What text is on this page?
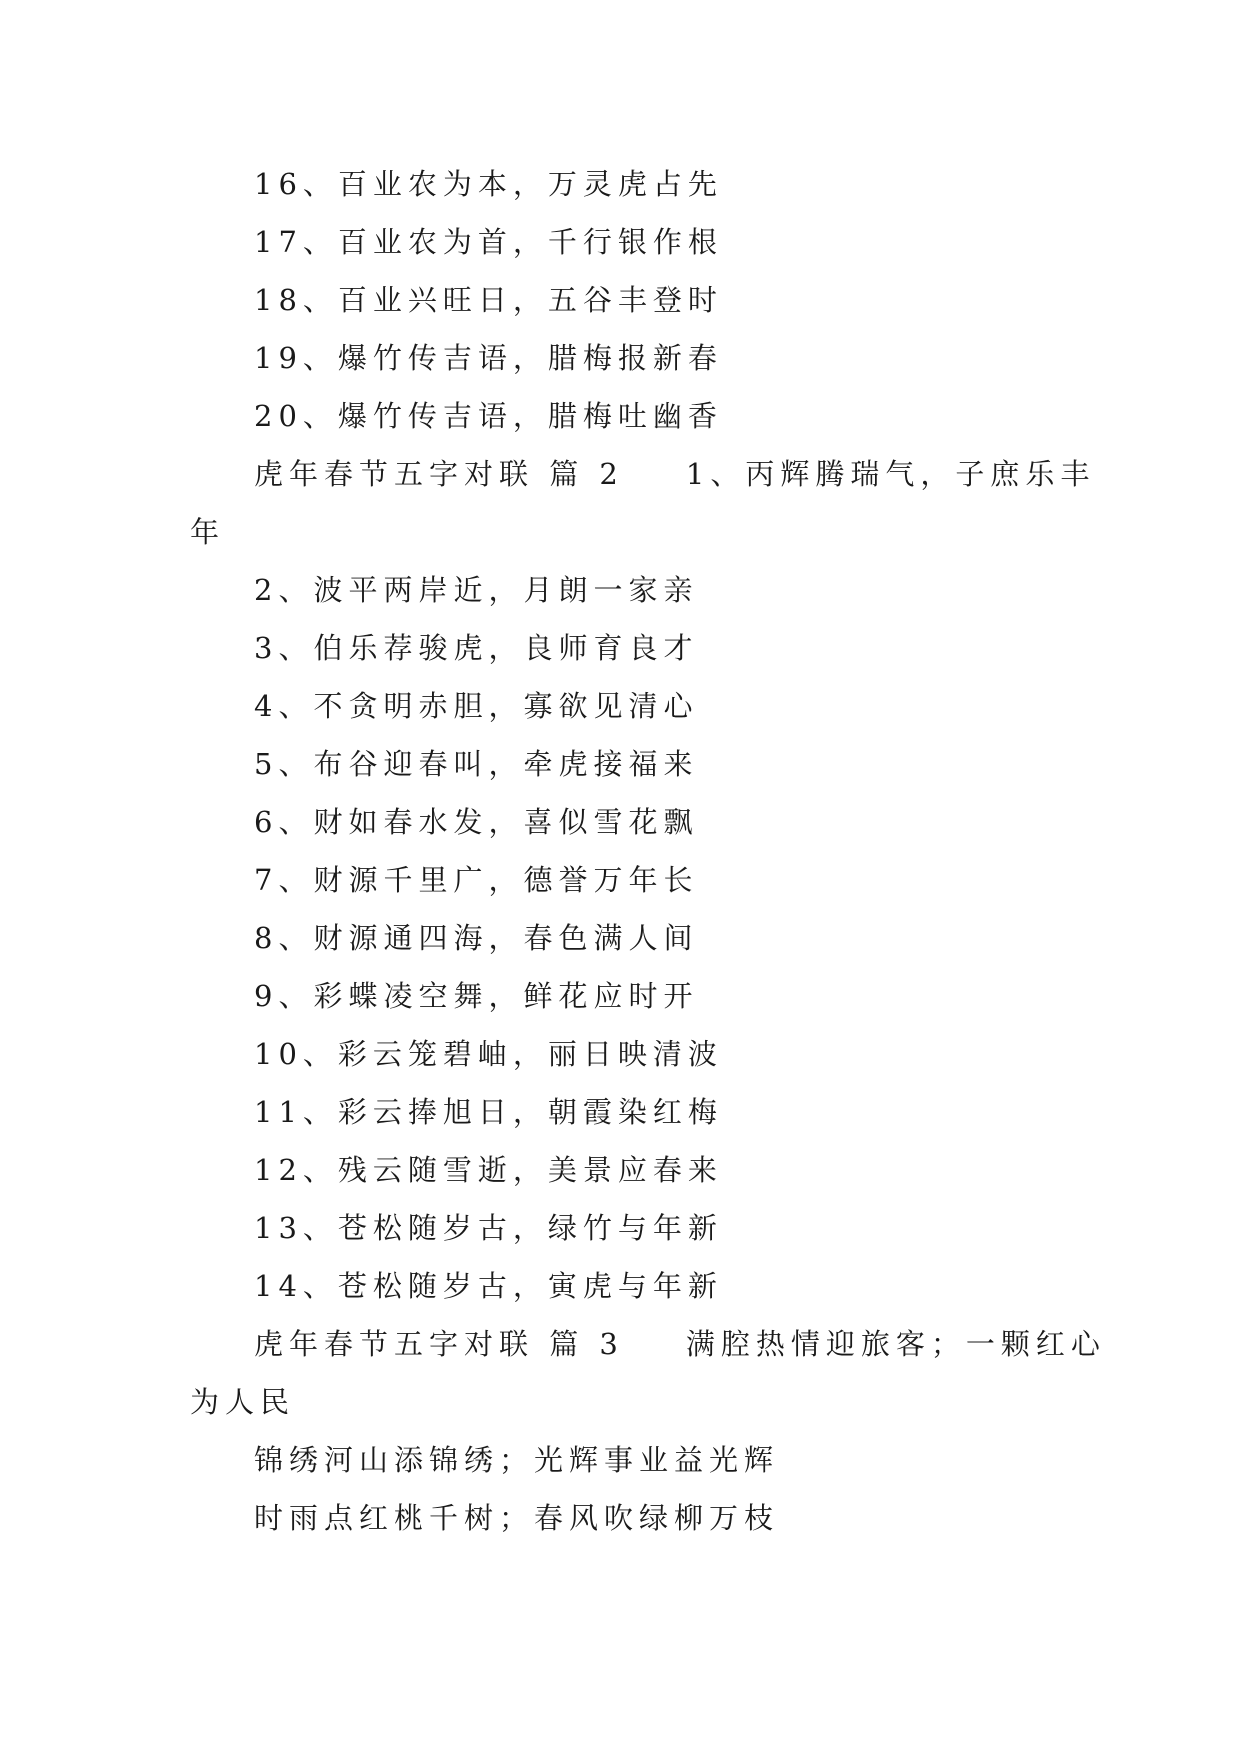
16、百业农为本，万灵虎占先
17、百业农为首，千行银作根
18、百业兴旺日，五谷丰登时
19、爆竹传吉语，腊梅报新春
20、爆竹传吉语，腊梅吐幽香
虎年春节五字对联 篇 2 1、丙辉腾瑞气，子庶乐丰
年
2、波平两岸近，月朗一家亲
3、伯乐荐骏虎，良师育良才
4、不贪明赤胆，寡欲见清心
5、布谷迎春叫，牵虎接福来
6、财如春水发，喜似雪花飘
7、财源千里广，德誉万年长
8、财源通四海，春色满人间
9、彩蝶凌空舞，鲜花应时开
10、彩云笼碧岫，丽日映清波
11、彩云捧旭日，朝霞染红梅
12、残云随雪逝，美景应春来
13、苍松随岁古，绿竹与年新
14、苍松随岁古，寅虎与年新
虎年春节五字对联 篇 3 满腔热情迎旅客；一颗红心
为人民
锦绣河山添锦绣；光辉事业益光辉
时雨点红桃千树；春风吹绿柳万枝
